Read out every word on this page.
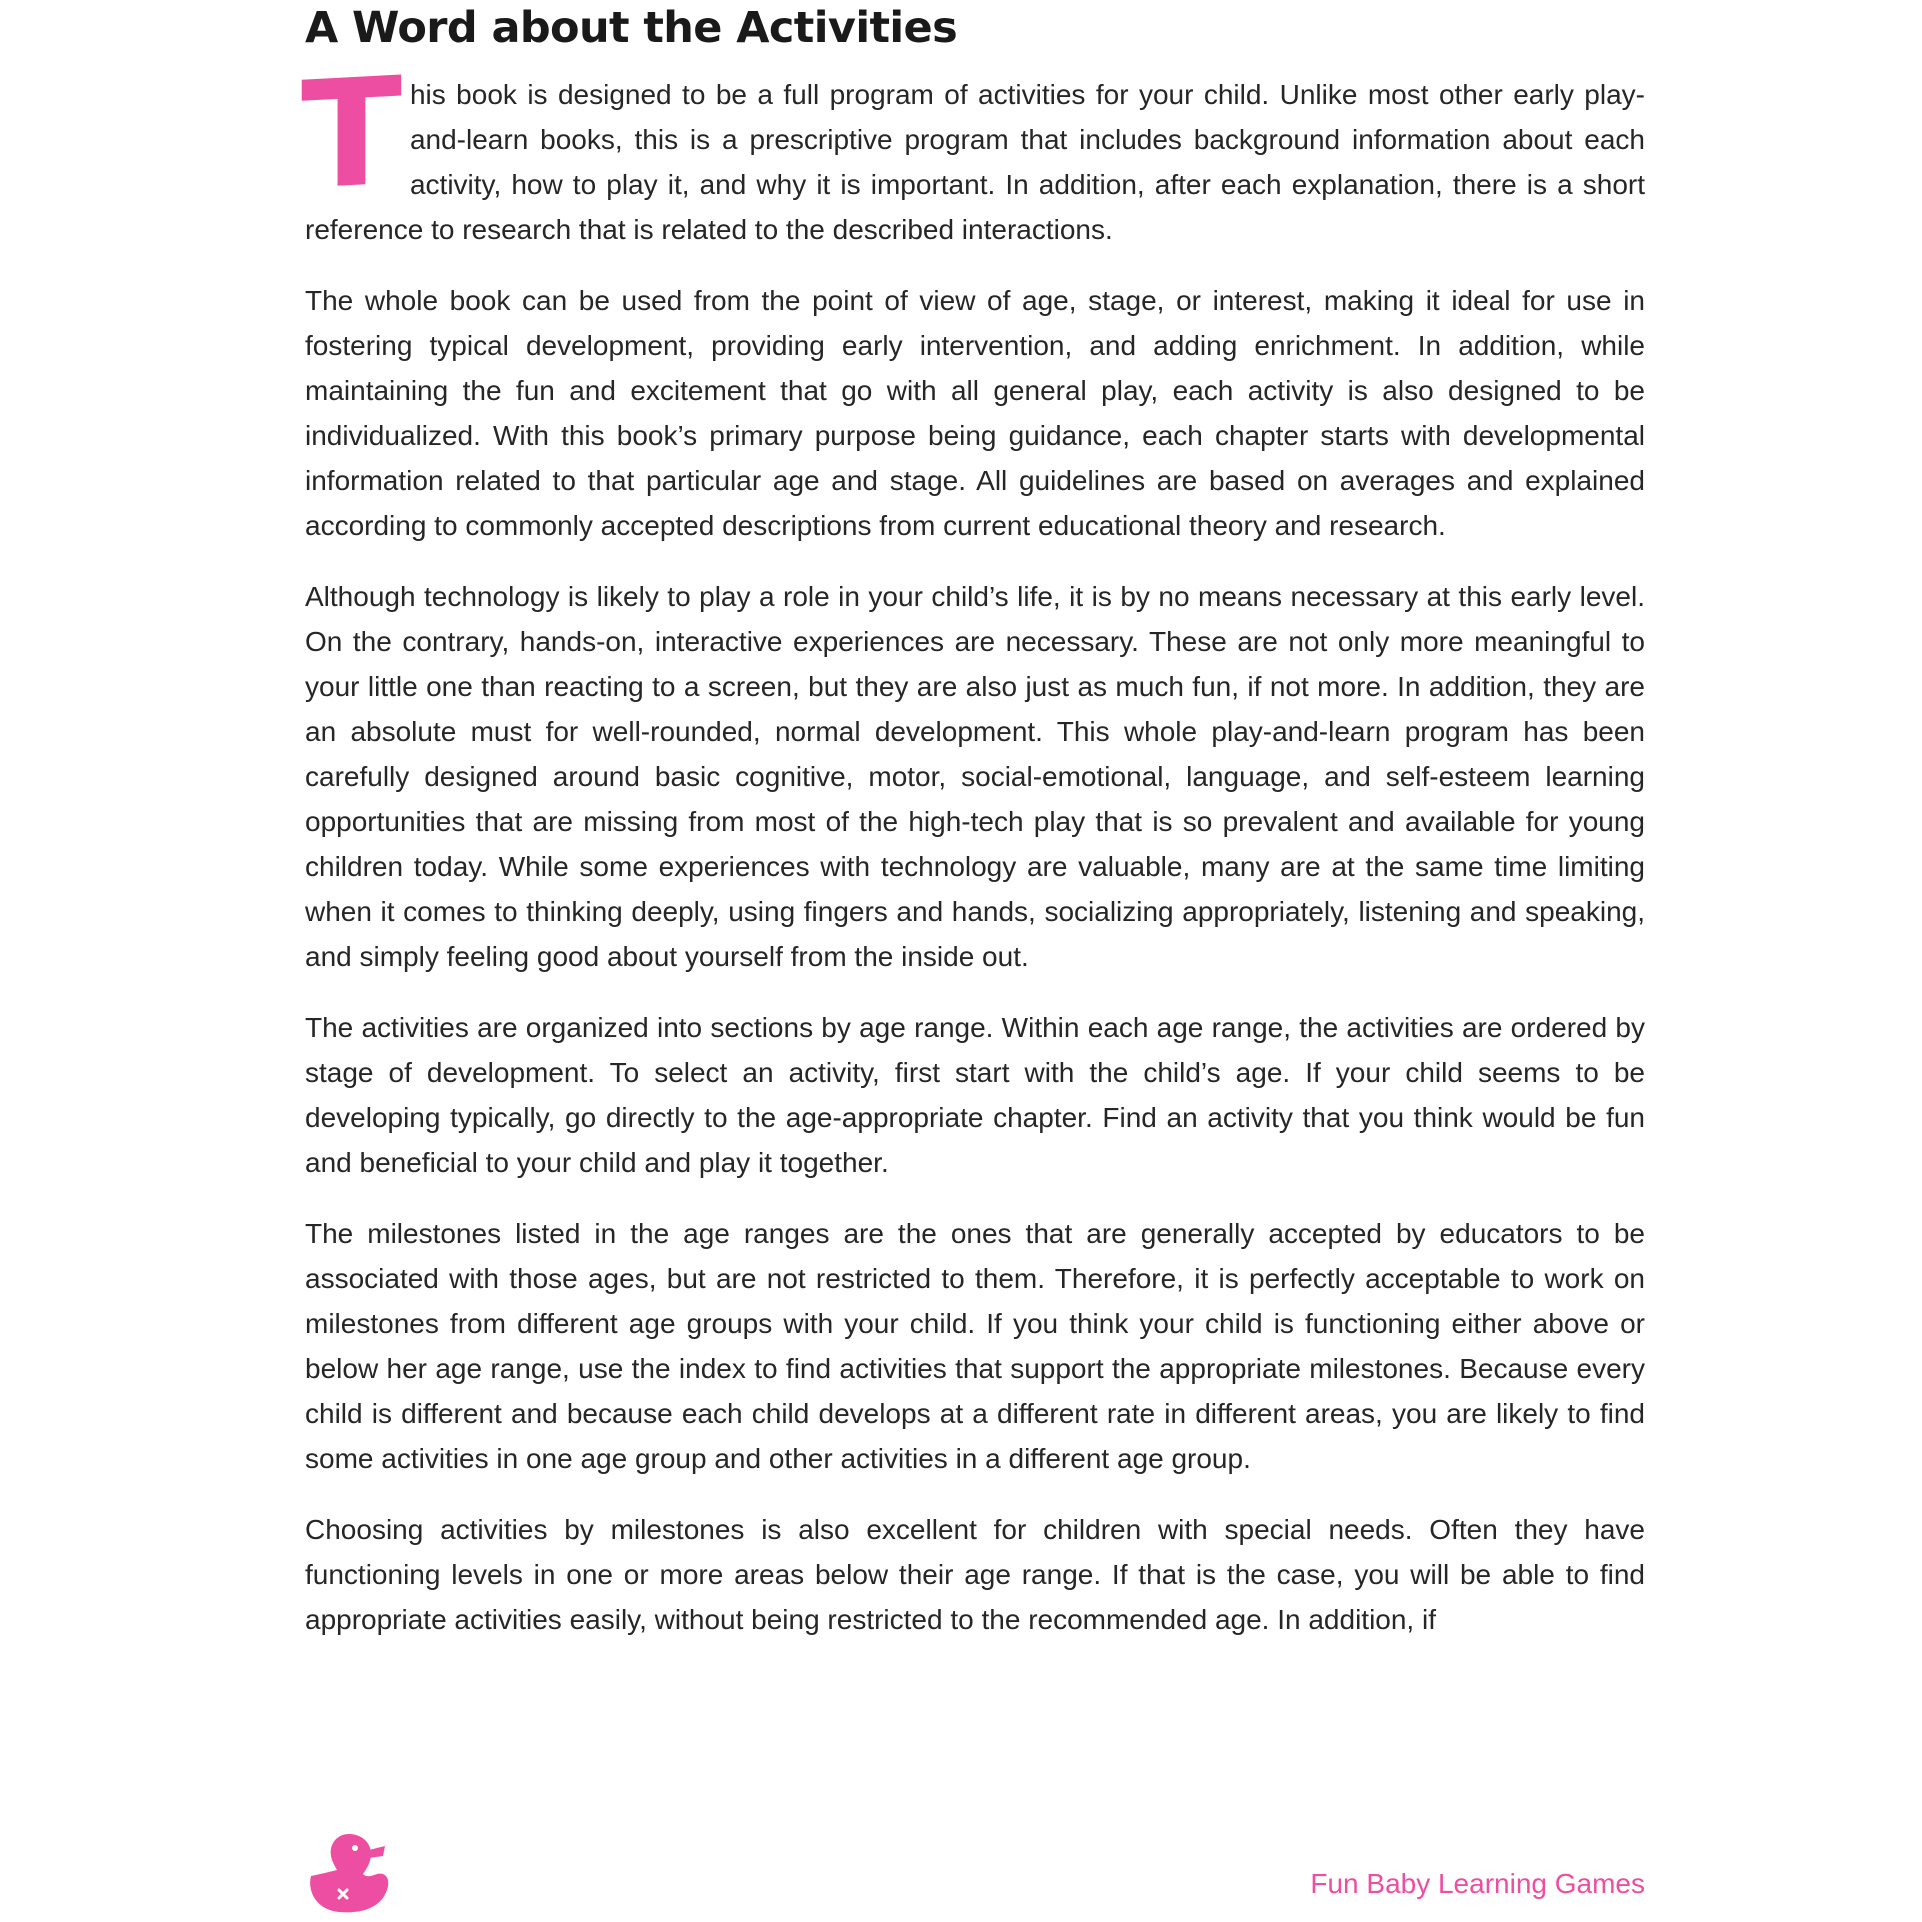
A Word about the Activities

This book is designed to be a full program of activities for your child. Unlike most other early play-and-learn books, this is a prescriptive program that includes background information about each activity, how to play it, and why it is important. In addition, after each explanation, there is a short reference to research that is related to the described interactions.

The whole book can be used from the point of view of age, stage, or interest, making it ideal for use in fostering typical development, providing early intervention, and adding enrichment. In addition, while maintaining the fun and excitement that go with all general play, each activity is also designed to be individualized. With this book’s primary purpose being guidance, each chapter starts with developmental information related to that particular age and stage. All guidelines are based on averages and explained according to commonly accepted descriptions from current educational theory and research.

Although technology is likely to play a role in your child’s life, it is by no means necessary at this early level. On the contrary, hands-on, interactive experiences are necessary. These are not only more meaningful to your little one than reacting to a screen, but they are also just as much fun, if not more. In addition, they are an absolute must for well-rounded, normal development. This whole play-and-learn program has been carefully designed around basic cognitive, motor, social-emotional, language, and self-esteem learning opportunities that are missing from most of the high-tech play that is so prevalent and available for young children today. While some experiences with technology are valuable, many are at the same time limiting when it comes to thinking deeply, using fingers and hands, socializing appropriately, listening and speaking, and simply feeling good about yourself from the inside out.

The activities are organized into sections by age range. Within each age range, the activities are ordered by stage of development. To select an activity, first start with the child’s age. If your child seems to be developing typically, go directly to the age-appropriate chapter. Find an activity that you think would be fun and beneficial to your child and play it together.

The milestones listed in the age ranges are the ones that are generally accepted by educators to be associated with those ages, but are not restricted to them. Therefore, it is perfectly acceptable to work on milestones from different age groups with your child. If you think your child is functioning either above or below her age range, use the index to find activities that support the appropriate milestones. Because every child is different and because each child develops at a different rate in different areas, you are likely to find some activities in one age group and other activities in a different age group.

Choosing activities by milestones is also excellent for children with special needs. Often they have functioning levels in one or more areas below their age range. If that is the case, you will be able to find appropriate activities easily, without being restricted to the recommended age. In addition, if

Fun Baby Learning Games
